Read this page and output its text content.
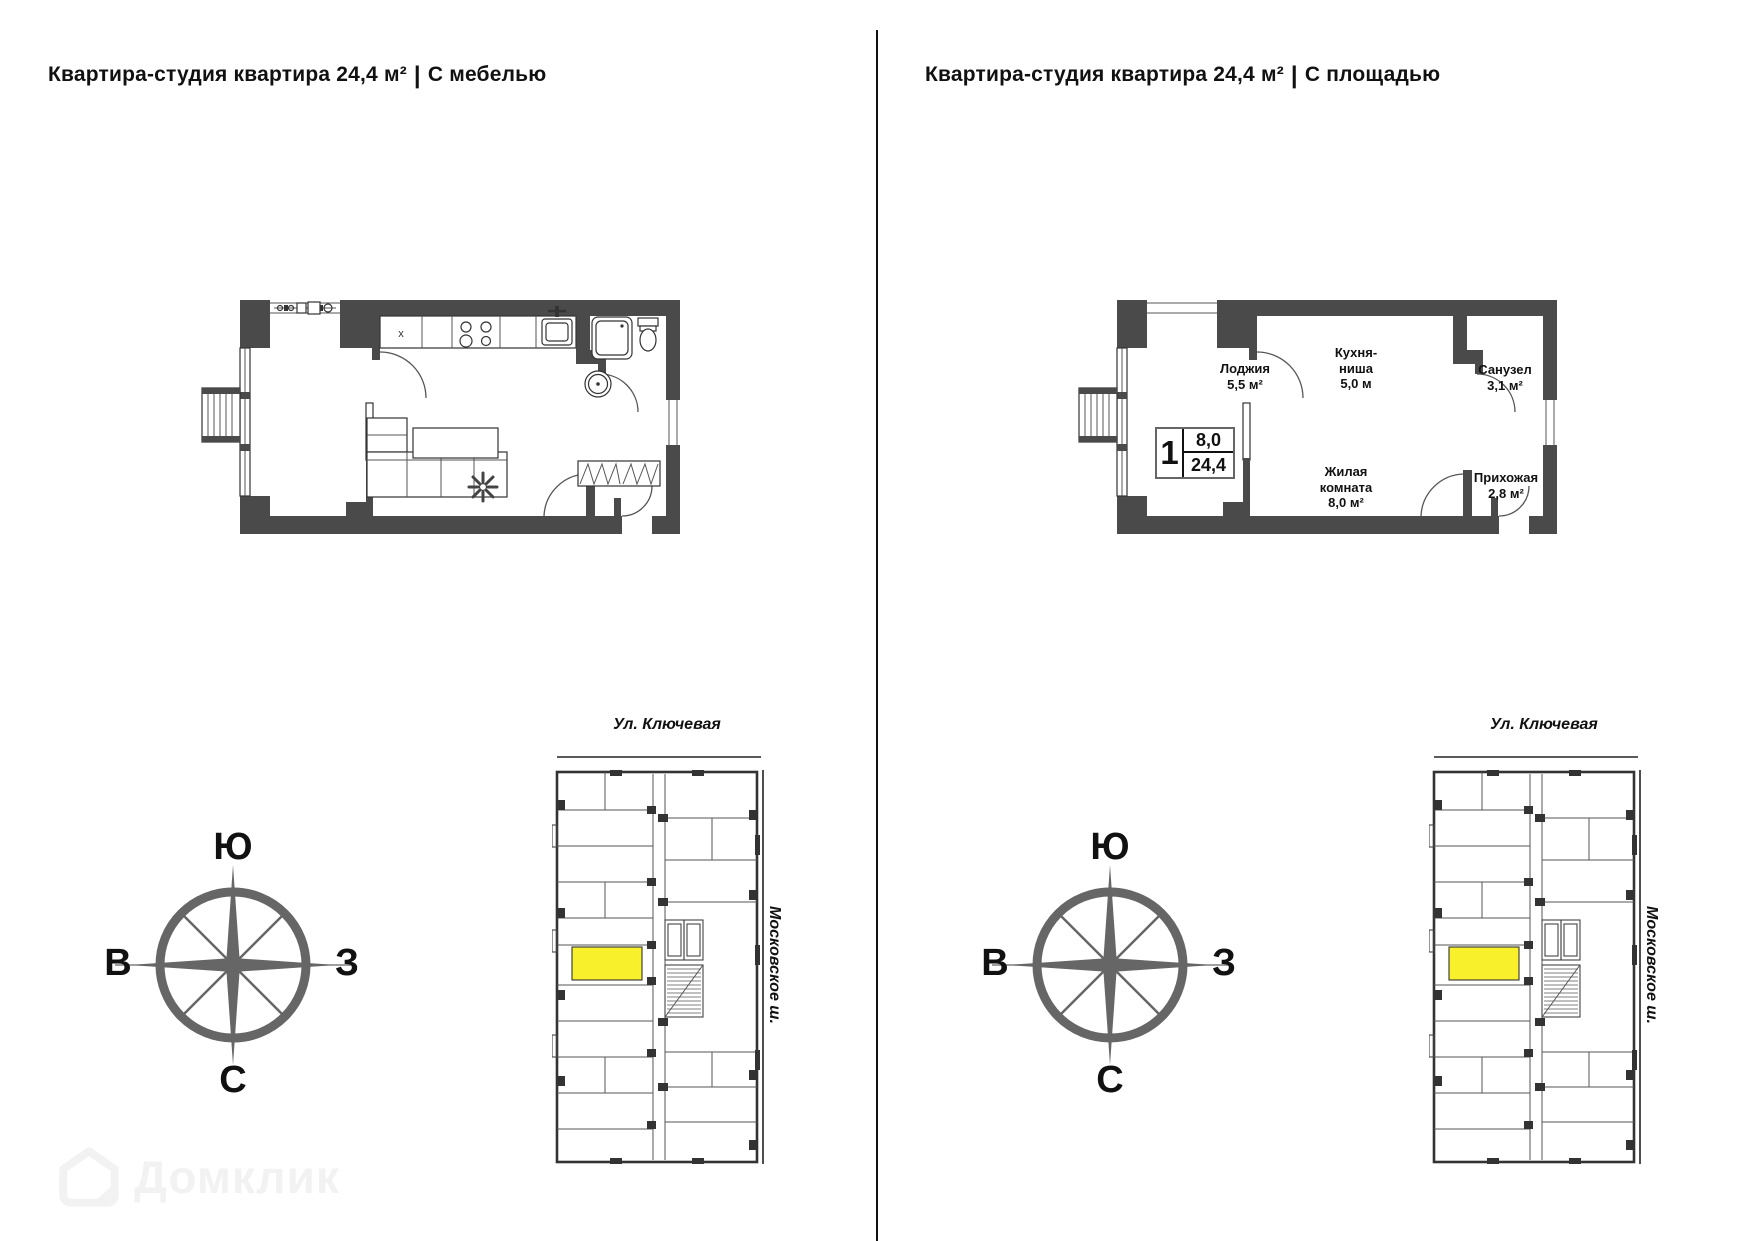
Квартира-студия квартира 24,4 м² | С мебелью
x
Ю
В	З
С
Ул. Ключевая
Московское ш.
Домклик
Квартира-студия квартира 24,4 м² | С площадью
Лоджия
5,5 м²
Кухня-
ниша
5,0 м
Санузел
3,1 м²
Жилая
комната
8,0 м²
Прихожая
2,8 м²
1 8,0
24,4
Ю
В	З
С
Ул. Ключевая
Московское ш.
